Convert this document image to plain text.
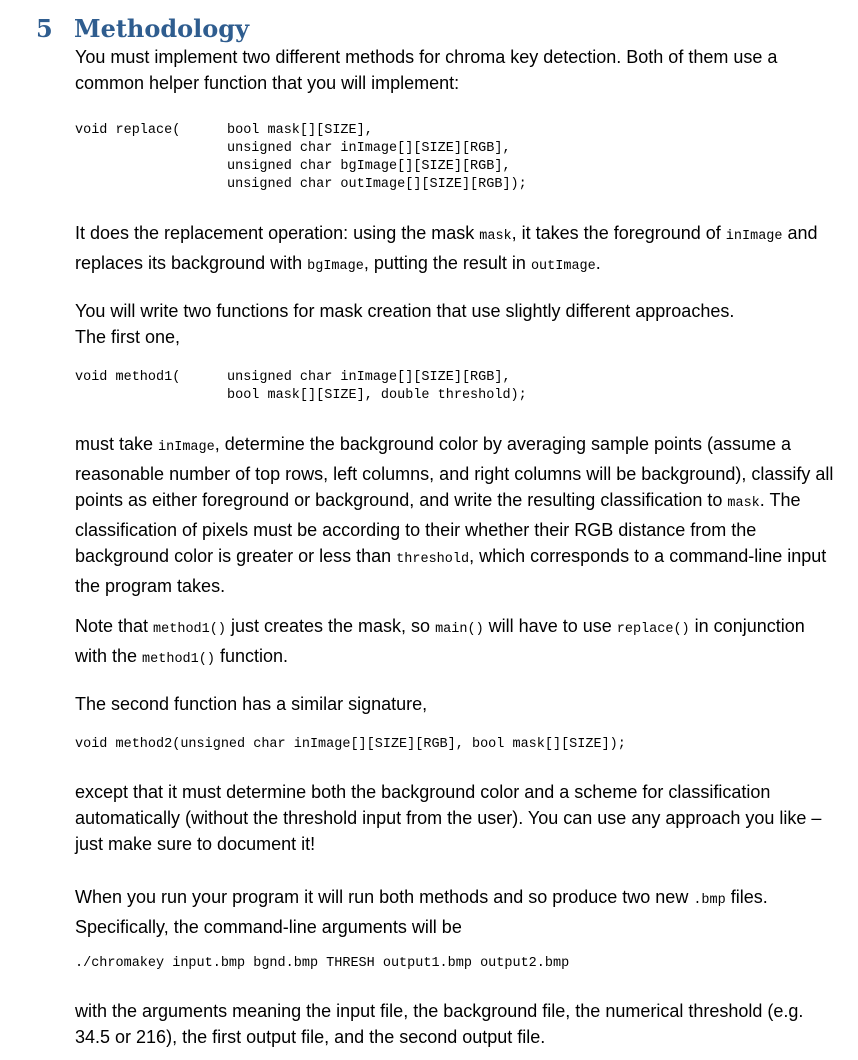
5 Methodology
You must implement two different methods for chroma key detection. Both of them use a common helper function that you will implement:
void replace(	bool mask[][SIZE],
unsigned char inImage[][SIZE][RGB],
unsigned char bgImage[][SIZE][RGB],
unsigned char outImage[][SIZE][RGB]);
It does the replacement operation: using the mask mask, it takes the foreground of inImage and replaces its background with bgImage, putting the result in outImage.
You will write two functions for mask creation that use slightly different approaches. The first one,
void method1(	unsigned char inImage[][SIZE][RGB],
bool mask[][SIZE], double threshold);
must take inImage, determine the background color by averaging sample points (assume a reasonable number of top rows, left columns, and right columns will be background), classify all points as either foreground or background, and write the resulting classification to mask. The classification of pixels must be according to their whether their RGB distance from the background color is greater or less than threshold, which corresponds to a command-line input the program takes.
Note that method1() just creates the mask, so main() will have to use replace() in conjunction with the method1() function.
The second function has a similar signature,
void method2(unsigned char inImage[][SIZE][RGB], bool mask[][SIZE]);
except that it must determine both the background color and a scheme for classification automatically (without the threshold input from the user). You can use any approach you like – just make sure to document it!
When you run your program it will run both methods and so produce two new .bmp files. Specifically, the command-line arguments will be
./chromakey input.bmp bgnd.bmp THRESH output1.bmp output2.bmp
with the arguments meaning the input file, the background file, the numerical threshold (e.g. 34.5 or 216), the first output file, and the second output file.
